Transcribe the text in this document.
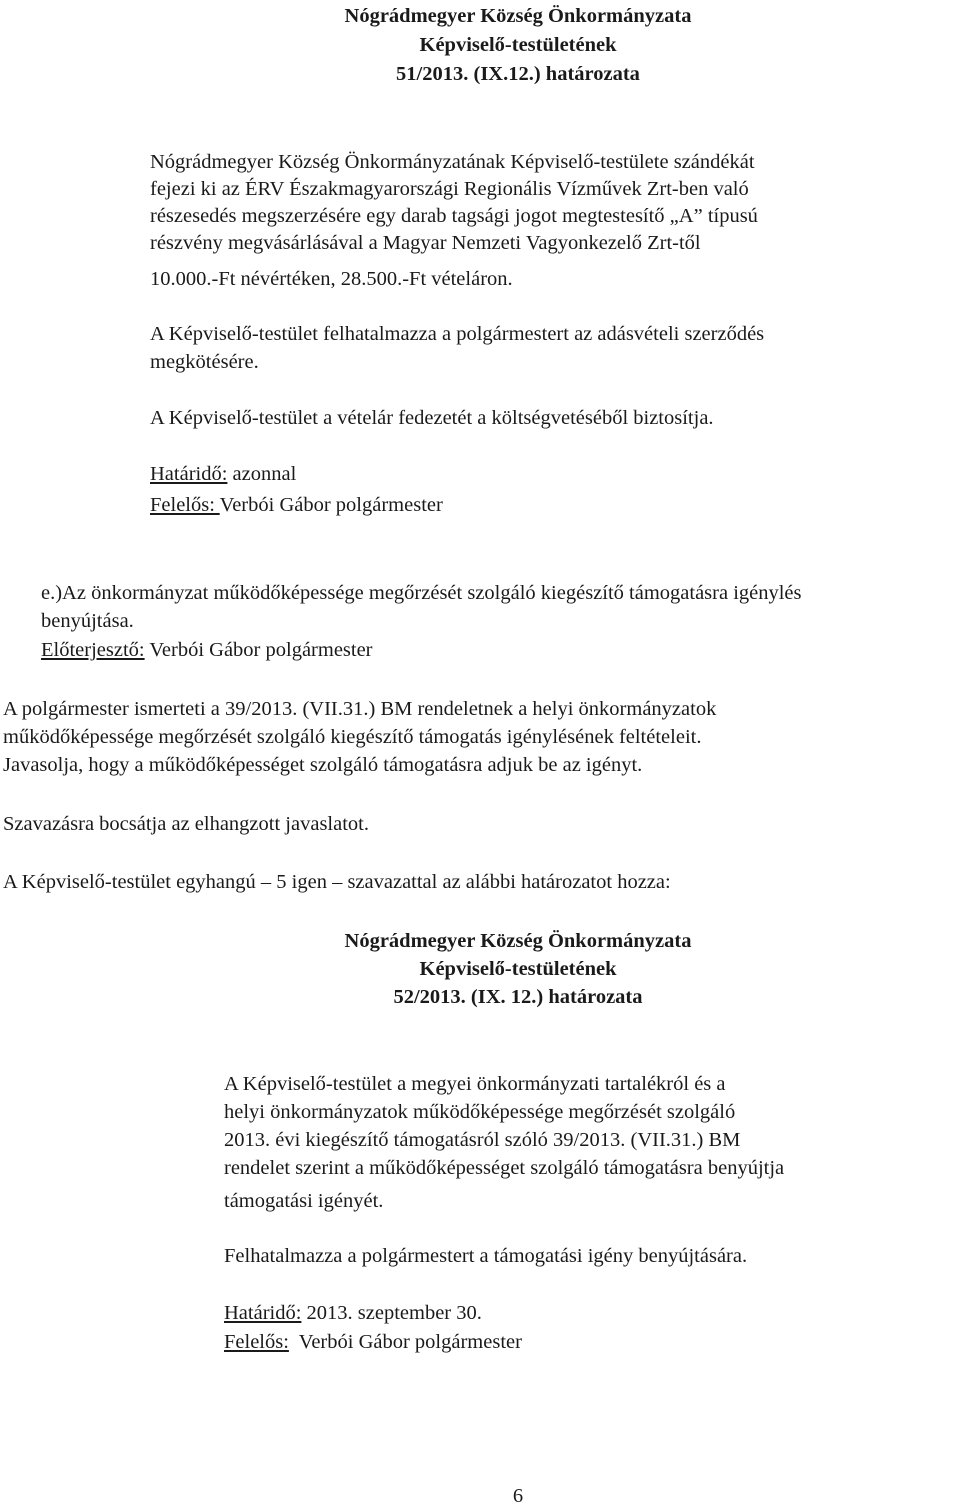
Nógrádmegyer Község Önkormányzata
Képviselő-testületének
51/2013. (IX.12.) határozata
Nógrádmegyer Község Önkormányzatának Képviselő-testülete szándékát
fejezi ki az ÉRV Északmagyarországi Regionális Vízművek Zrt-ben való
részesedés megszerzésére egy darab tagsági jogot megtestesítő „A” típusú
részvény megvásárlásával a Magyar Nemzeti Vagyonkezelő Zrt-től
10.000.-Ft névértéken, 28.500.-Ft vételáron.
A Képviselő-testület felhatalmazza a polgármestert az adásvételi szerződés
megkötésére.
A Képviselő-testület a vételár fedezetét a költségvetéséből biztosítja.
Határidő: azonnal
Felelős: Verbói Gábor polgármester
e.)Az önkormányzat működőképessége megőrzését szolgáló kiegészítő támogatásra igénylés
benyújtása.
Előterjesztő: Verbói Gábor polgármester
A polgármester ismerteti a 39/2013. (VII.31.) BM rendeletnek a helyi önkormányzatok
működőképessége megőrzését szolgáló kiegészítő támogatás igénylésének feltételeit.
Javasolja, hogy a működőképességet szolgáló támogatásra adjuk be az igényt.
Szavazásra bocsátja az elhangzott javaslatot.
A Képviselő-testület egyhangú – 5 igen – szavazattal az alábbi határozatot hozza:
Nógrádmegyer Község Önkormányzata
Képviselő-testületének
52/2013. (IX. 12.) határozata
A Képviselő-testület a megyei önkormányzati tartalékról és a
helyi önkormányzatok működőképessége megőrzését szolgáló
2013. évi kiegészítő támogatásról szóló 39/2013. (VII.31.) BM
rendelet szerint a működőképességet szolgáló támogatásra benyújtja
támogatási igényét.
Felhatalmazza a polgármestert a támogatási igény benyújtására.
Határidő: 2013. szeptember 30.
Felelős:  Verbói Gábor polgármester
6
